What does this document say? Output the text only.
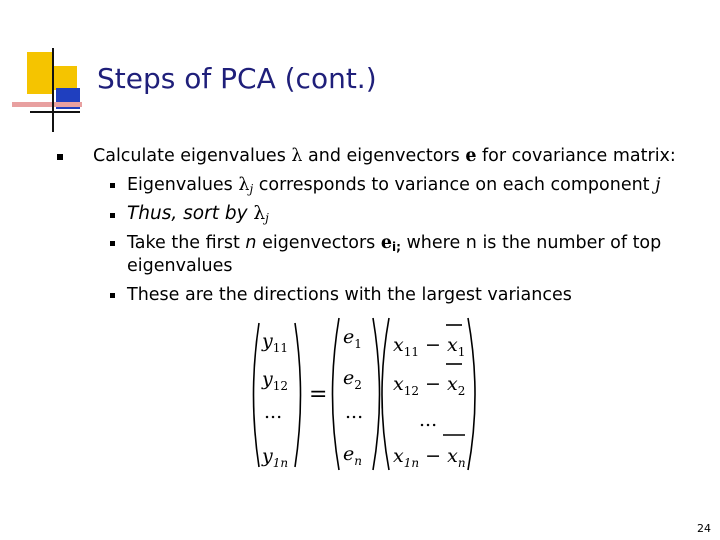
Steps of PCA (cont.)
Calculate eigenvalues λ and eigenvectors e for covariance matrix:
Eigenvalues $\lambda_j$ corresponds to variance on each component j
Thus, sort by $\lambda_j$
Take the first n eigenvectors $e_{i;}$ where n is the number of top
eigenvalues
These are the directions with the largest variances
$y_{11}$
$y_{12}$
...
$y_{1n}$
=
$e_1$
$e_2$
...
$e_n$
$x_{11} - x_1$
$x_{12} - x_2$
...
$x_{1n} - x_n$
24
